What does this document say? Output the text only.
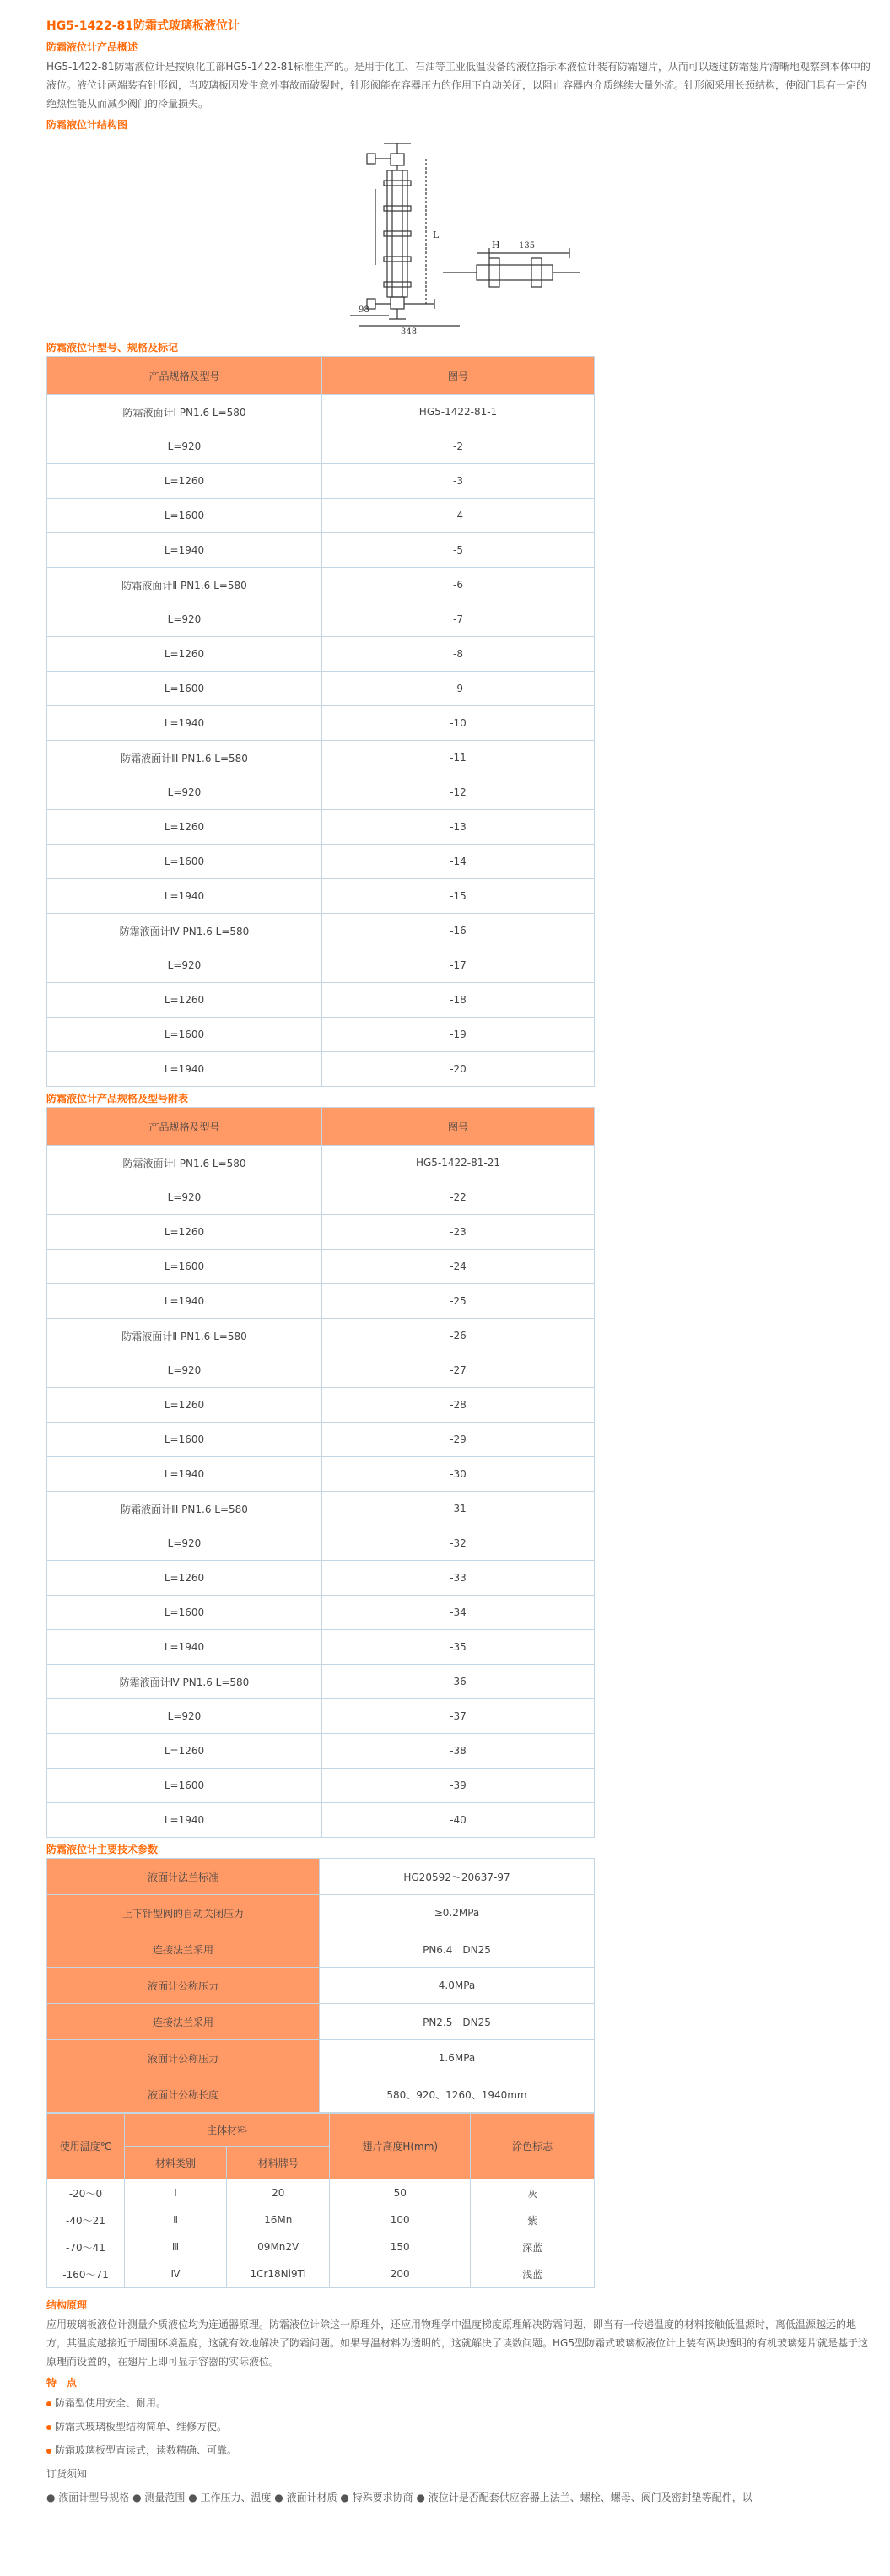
HG5-1422-81防霜式玻璃板液位计
防霜液位计产品概述
HG5-1422-81防霜液位计是按原化工部HG5-1422-81标准生产的。是用于化工、石油等工业低温设备的液位指示本液位计装有防霜翅片，从而可以透过防霜翅片清晰地观察到本体中的液位。液位计两端装有针形阀，当玻璃板因发生意外事故而破裂时，针形阀能在容器压力的作用下自动关闭，以阻止容器内介质继续大量外流。针形阀采用长颈结构，使阀门具有一定的绝热性能从而减少阀门的冷量损失。
防霜液位计结构图
L
H 135
98
348
防霜液位计型号、规格及标记
产品规格及型号	图号
防霜液面计Ⅰ PN1.6 L=580	HG5-1422-81-1
L=920	-2
L=1260	-3
L=1600	-4
L=1940	-5
防霜液面计Ⅱ PN1.6 L=580	-6
L=920	-7
L=1260	-8
L=1600	-9
L=1940	-10
防霜液面计Ⅲ PN1.6 L=580	-11
L=920	-12
L=1260	-13
L=1600	-14
L=1940	-15
防霜液面计Ⅳ PN1.6 L=580	-16
L=920	-17
L=1260	-18
L=1600	-19
L=1940	-20
防霜液位计产品规格及型号附表
产品规格及型号	图号
防霜液面计Ⅰ PN1.6 L=580	HG5-1422-81-21
L=920	-22
L=1260	-23
L=1600	-24
L=1940	-25
防霜液面计Ⅱ PN1.6 L=580	-26
L=920	-27
L=1260	-28
L=1600	-29
L=1940	-30
防霜液面计Ⅲ PN1.6 L=580	-31
L=920	-32
L=1260	-33
L=1600	-34
L=1940	-35
防霜液面计Ⅳ PN1.6 L=580	-36
L=920	-37
L=1260	-38
L=1600	-39
L=1940	-40
防霜液位计主要技术参数
液面计法兰标准	HG20592～20637-97
上下针型阀的自动关闭压力	≥0.2MPa
连接法兰采用	PN6.4　DN25
液面计公称压力	4.0MPa
连接法兰采用	PN2.5　DN25
液面计公称压力	1.6MPa
液面计公称长度	580、920、1260、1940mm
使用温度℃	主体材料		翅片高度H(mm)	涂色标志
	材料类别	材料牌号		
-20～0	Ⅰ	20	50	灰
-40～21	Ⅱ	16Mn	100	紫
-70～41	Ⅲ	09Mn2V	150	深蓝
-160～71	Ⅳ	1Cr18Ni9Ti	200	浅蓝
结构原理
应用玻璃板液位计测量介质液位均为连通器原理。防霜液位计除这一原理外，还应用物理学中温度梯度原理解决防霜问题，即当有一传递温度的材料接触低温源时，离低温源越远的地方，其温度越接近于周围环境温度，这就有效地解决了防霜问题。如果导温材料为透明的，这就解决了读数问题。HG5型防霜式玻璃板液位计上装有两块透明的有机玻璃翅片就是基于这原理而设置的，在翅片上即可显示容器的实际液位。
特　点
防霜型使用安全、耐用。
防霜式玻璃板型结构简单、维修方便。
防霜玻璃板型直读式，读数精确、可靠。
订货须知
● 液面计型号规格 ● 测量范围 ● 工作压力、温度 ● 液面计材质 ● 特殊要求协商 ● 液位计是否配套供应容器上法兰、螺栓、螺母、阀门及密封垫等配件，以
